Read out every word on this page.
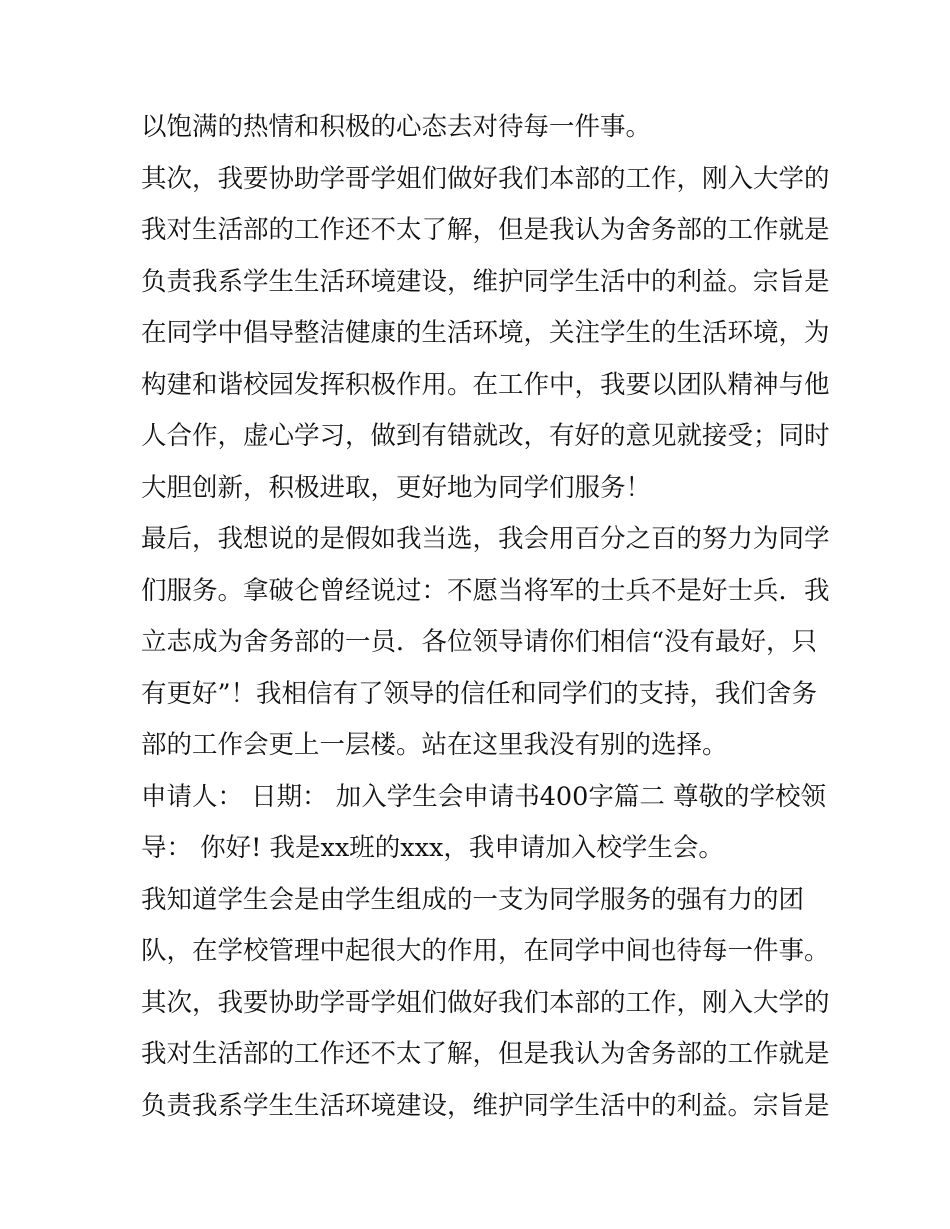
以饱满的热情和积极的心态去对待每一件事。
其次，我要协助学哥学姐们做好我们本部的工作，刚入大学的
我对生活部的工作还不太了解，但是我认为舍务部的工作就是
负责我系学生生活环境建设，维护同学生活中的利益。宗旨是
在同学中倡导整洁健康的生活环境，关注学生的生活环境，为
构建和谐校园发挥积极作用。在工作中，我要以团队精神与他
人合作，虚心学习，做到有错就改，有好的意见就接受；同时
大胆创新，积极进取，更好地为同学们服务！
最后，我想说的是假如我当选，我会用百分之百的努力为同学
们服务。拿破仑曾经说过：不愿当将军的士兵不是好士兵．我
立志成为舍务部的一员．各位领导请你们相信“没有最好，只
有更好”！我相信有了领导的信任和同学们的支持，我们舍务
部的工作会更上一层楼。站在这里我没有别的选择。
申请人： 日期： 加入学生会申请书400字篇二 尊敬的学校领
导： 你好! 我是xx班的xxx，我申请加入校学生会。
我知道学生会是由学生组成的一支为同学服务的强有力的团
队，在学校管理中起很大的作用，在同学中间也待每一件事。
其次，我要协助学哥学姐们做好我们本部的工作，刚入大学的
我对生活部的工作还不太了解，但是我认为舍务部的工作就是
负责我系学生生活环境建设，维护同学生活中的利益。宗旨是
